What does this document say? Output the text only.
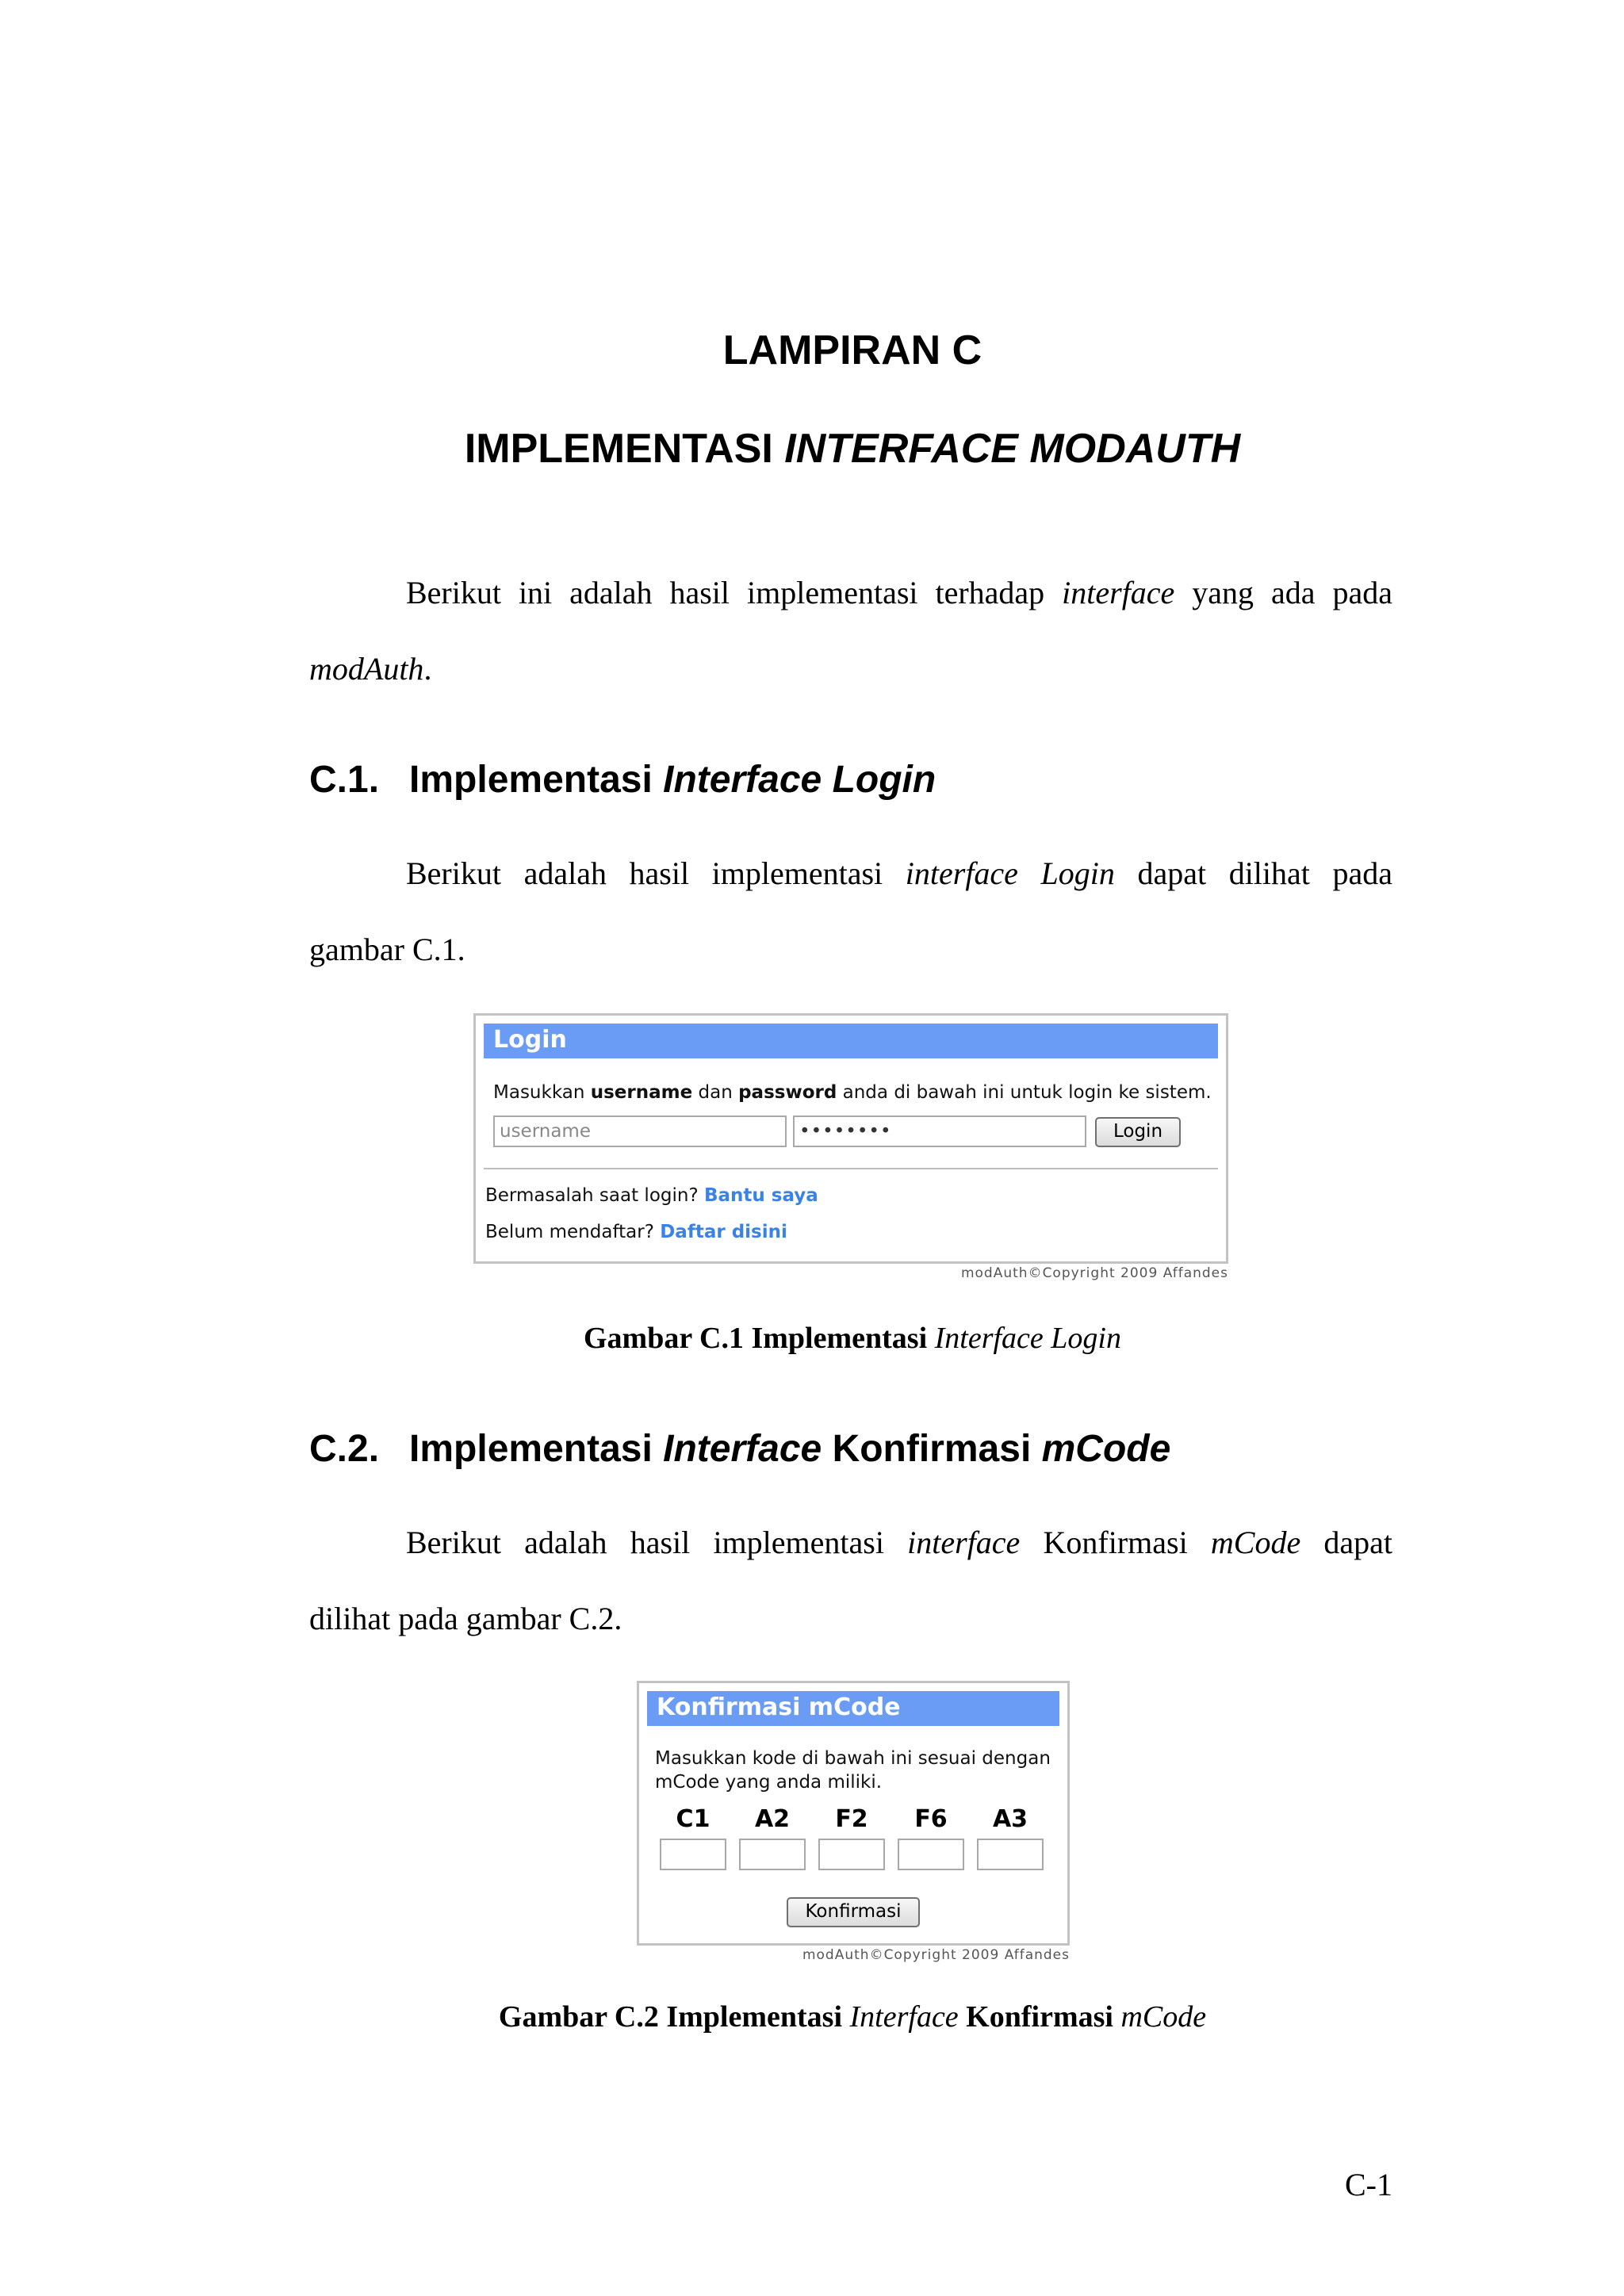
LAMPIRAN C
IMPLEMENTASI INTERFACE MODAUTH
Berikut ini adalah hasil implementasi terhadap interface yang ada pada
modAuth.
C.1. Implementasi Interface Login
Berikut adalah hasil implementasi interface Login dapat dilihat pada
gambar C.1.
Login
Masukkan username dan password anda di bawah ini untuk login ke sistem.
username	••••••••	Login
Bermasalah saat login? Bantu saya
Belum mendaftar? Daftar disini
modAuth©Copyright 2009 Affandes
Gambar C.1 Implementasi Interface Login
C.2. Implementasi Interface Konfirmasi mCode
Berikut adalah hasil implementasi interface Konfirmasi mCode dapat
dilihat pada gambar C.2.
Konfirmasi mCode
Masukkan kode di bawah ini sesuai dengan
mCode yang anda miliki.
C1	A2	F2	F6	A3
Konfirmasi
modAuth©Copyright 2009 Affandes
Gambar C.2 Implementasi Interface Konfirmasi mCode
C-1
